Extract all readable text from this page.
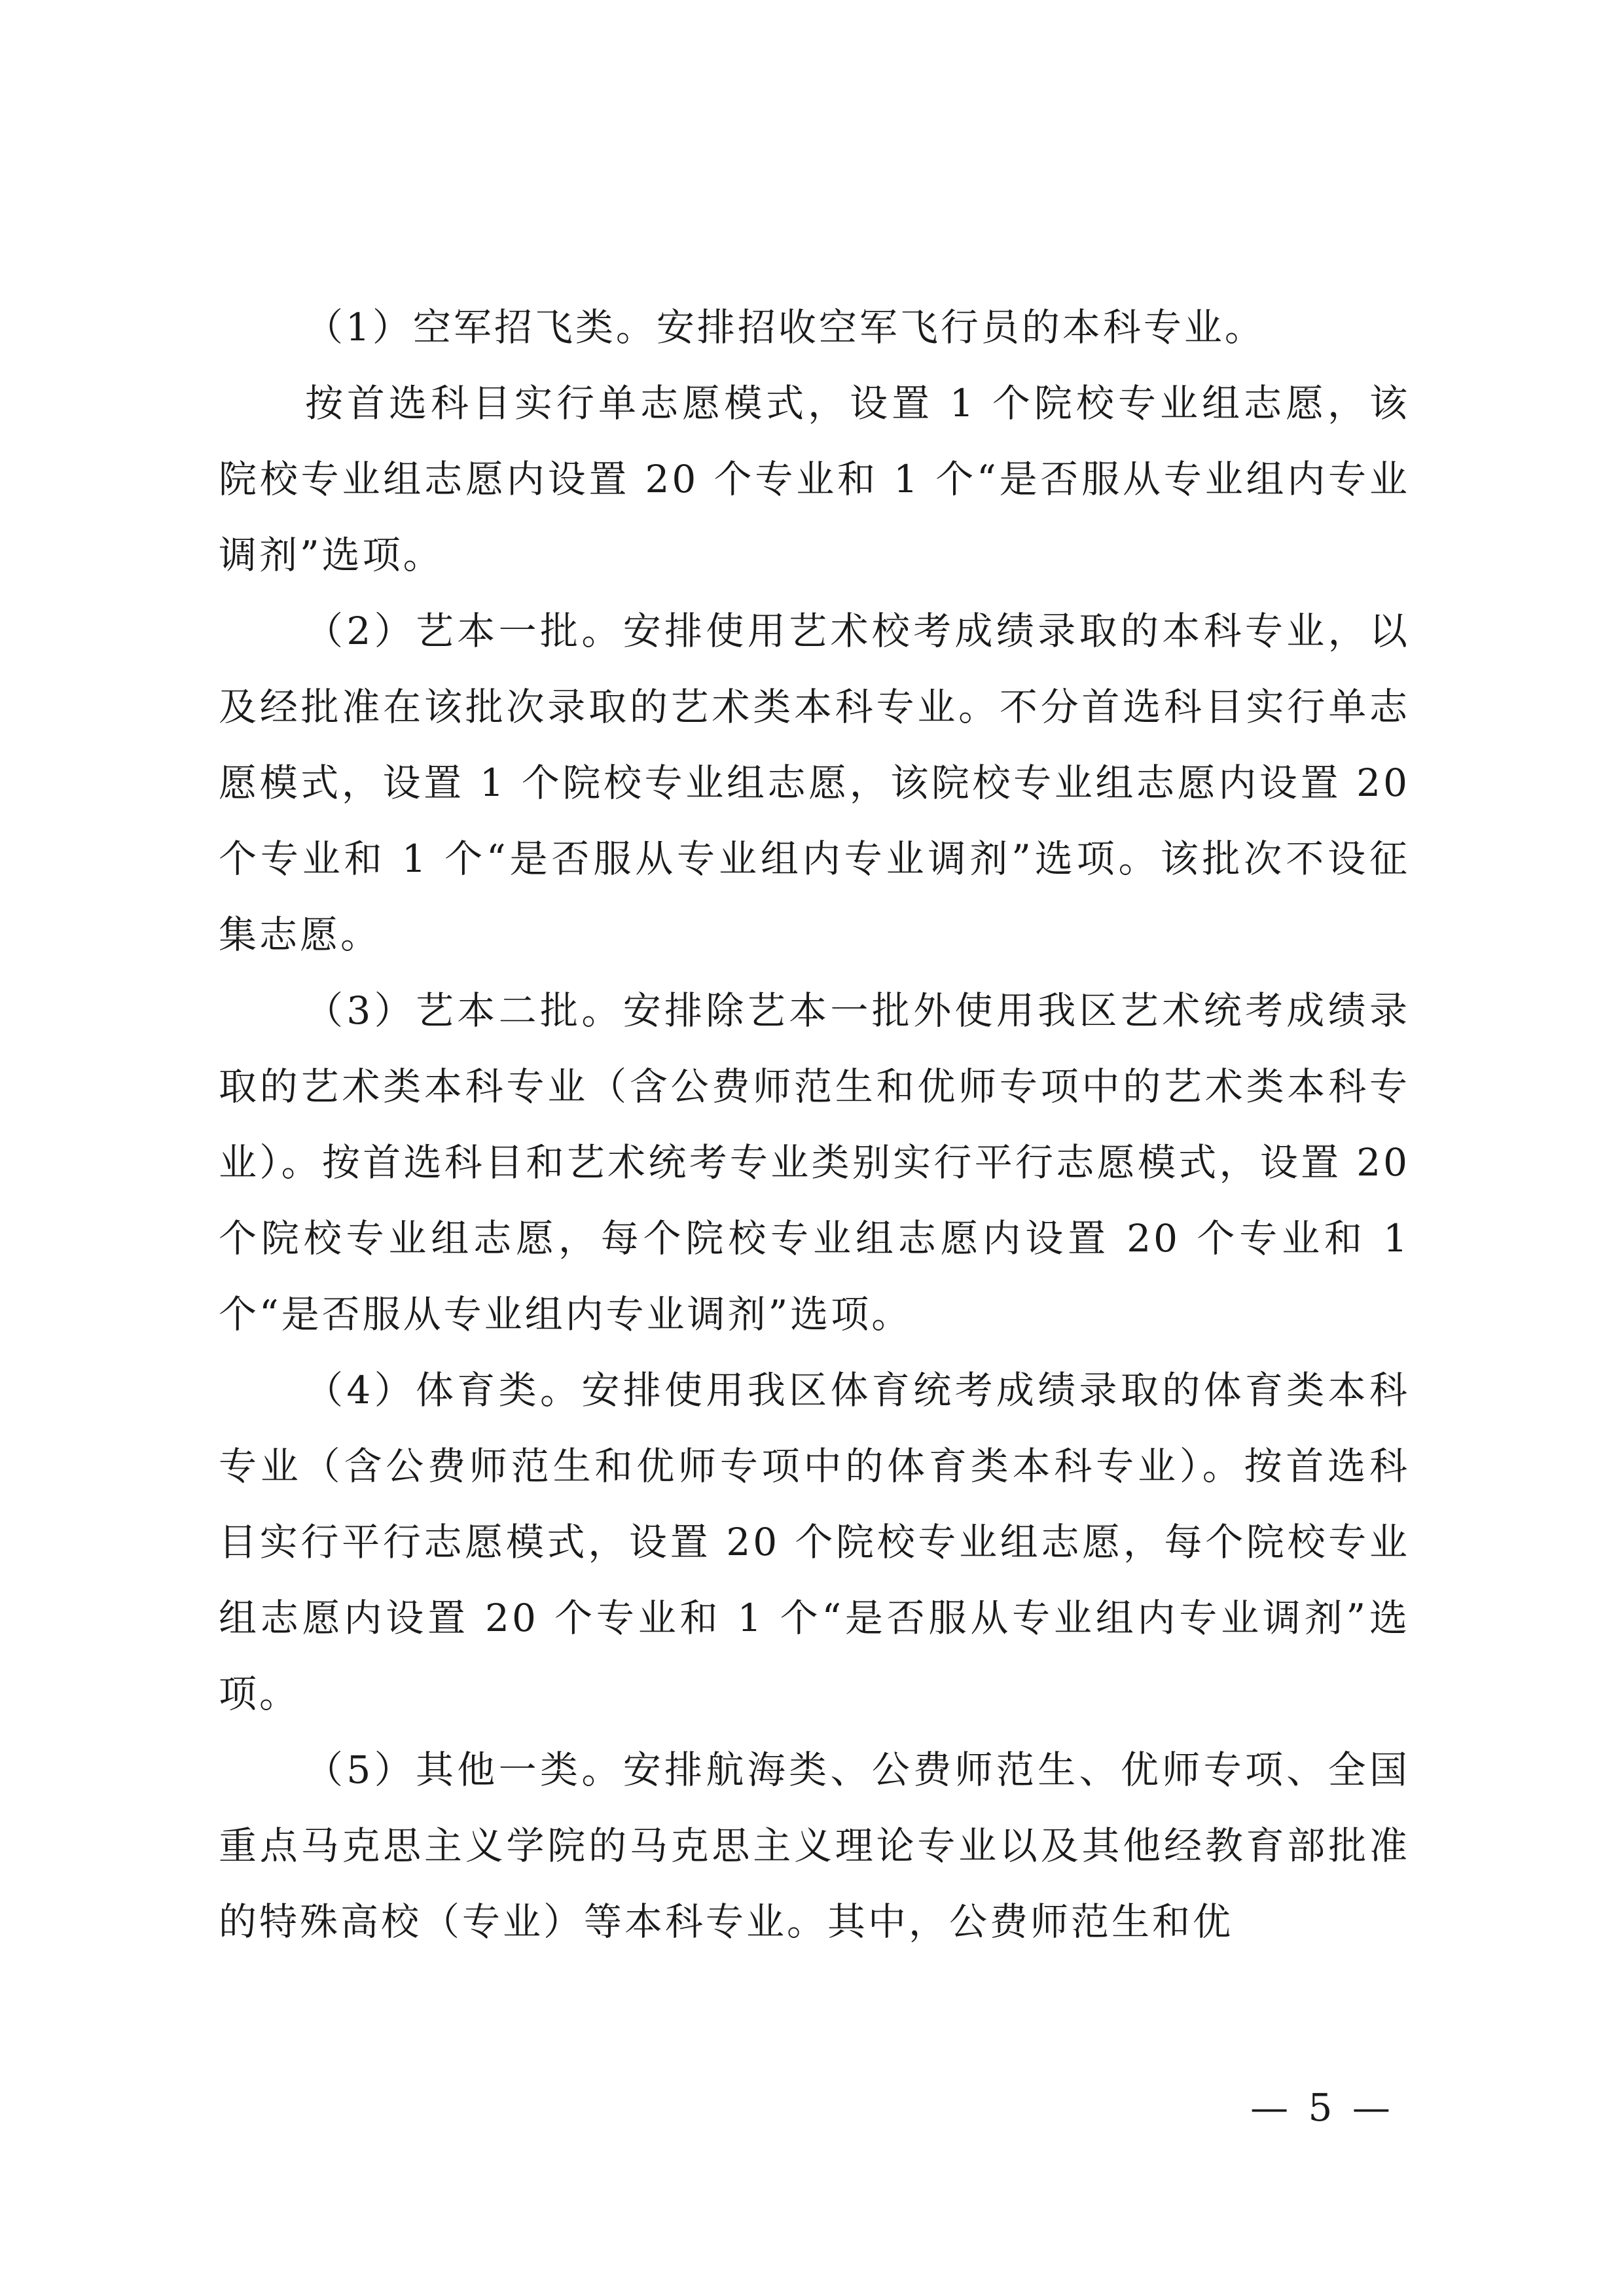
（1）空军招飞类。安排招收空军飞行员的本科专业。

按首选科目实行单志愿模式，设置 1 个院校专业组志愿，该院校专业组志愿内设置 20 个专业和 1 个“是否服从专业组内专业调剂”选项。

（2）艺本一批。安排使用艺术校考成绩录取的本科专业，以及经批准在该批次录取的艺术类本科专业。不分首选科目实行单志愿模式，设置 1 个院校专业组志愿，该院校专业组志愿内设置 20 个专业和 1 个“是否服从专业组内专业调剂”选项。该批次不设征集志愿。

（3）艺本二批。安排除艺本一批外使用我区艺术统考成绩录取的艺术类本科专业（含公费师范生和优师专项中的艺术类本科专业）。按首选科目和艺术统考专业类别实行平行志愿模式，设置 20 个院校专业组志愿，每个院校专业组志愿内设置 20 个专业和 1 个“是否服从专业组内专业调剂”选项。

（4）体育类。安排使用我区体育统考成绩录取的体育类本科专业（含公费师范生和优师专项中的体育类本科专业）。按首选科目实行平行志愿模式，设置 20 个院校专业组志愿，每个院校专业组志愿内设置 20 个专业和 1 个“是否服从专业组内专业调剂”选项。

（5）其他一类。安排航海类、公费师范生、优师专项、全国重点马克思主义学院的马克思主义理论专业以及其他经教育部批准的特殊高校（专业）等本科专业。其中，公费师范生和优

— 5 —
